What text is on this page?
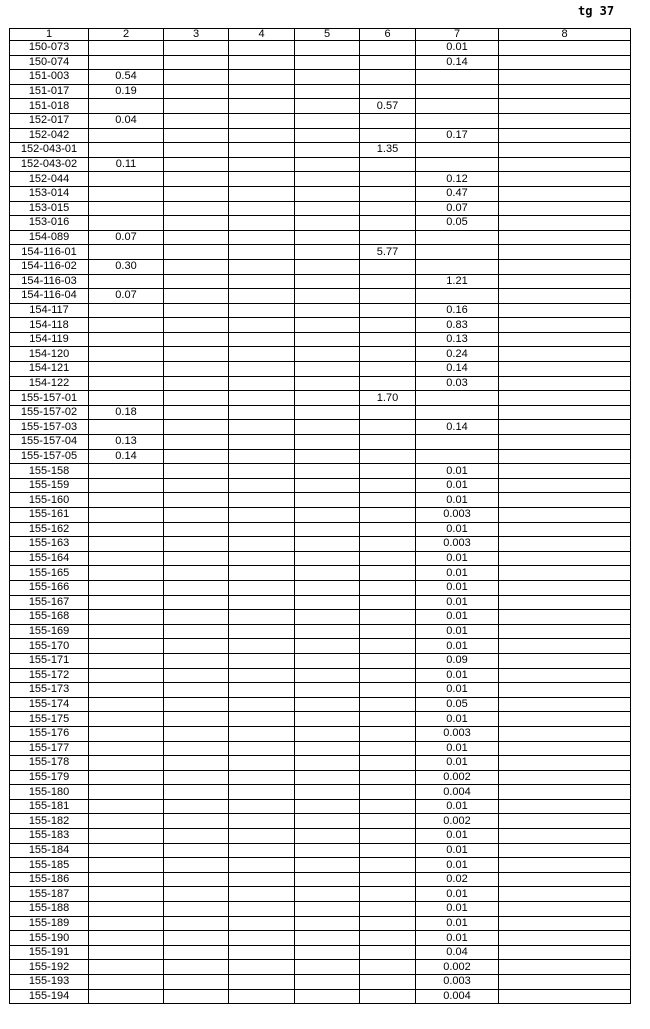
tg 37
1	2	3	4	5	6	7	8
150-073						0.01	
150-074						0.14	
151-003	0.54						
151-017	0.19						
151-018					0.57		
152-017	0.04						
152-042						0.17	
152-043-01					1.35		
152-043-02	0.11						
152-044						0.12	
153-014						0.47	
153-015						0.07	
153-016						0.05	
154-089	0.07						
154-116-01					5.77		
154-116-02	0.30						
154-116-03						1.21	
154-116-04	0.07						
154-117						0.16	
154-118						0.83	
154-119						0.13	
154-120						0.24	
154-121						0.14	
154-122						0.03	
155-157-01					1.70		
155-157-02	0.18						
155-157-03						0.14	
155-157-04	0.13						
155-157-05	0.14						
155-158						0.01	
155-159						0.01	
155-160						0.01	
155-161						0.003	
155-162						0.01	
155-163						0.003	
155-164						0.01	
155-165						0.01	
155-166						0.01	
155-167						0.01	
155-168						0.01	
155-169						0.01	
155-170						0.01	
155-171						0.09	
155-172						0.01	
155-173						0.01	
155-174						0.05	
155-175						0.01	
155-176						0.003	
155-177						0.01	
155-178						0.01	
155-179						0.002	
155-180						0.004	
155-181						0.01	
155-182						0.002	
155-183						0.01	
155-184						0.01	
155-185						0.01	
155-186						0.02	
155-187						0.01	
155-188						0.01	
155-189						0.01	
155-190						0.01	
155-191						0.04	
155-192						0.002	
155-193						0.003	
155-194						0.004	
